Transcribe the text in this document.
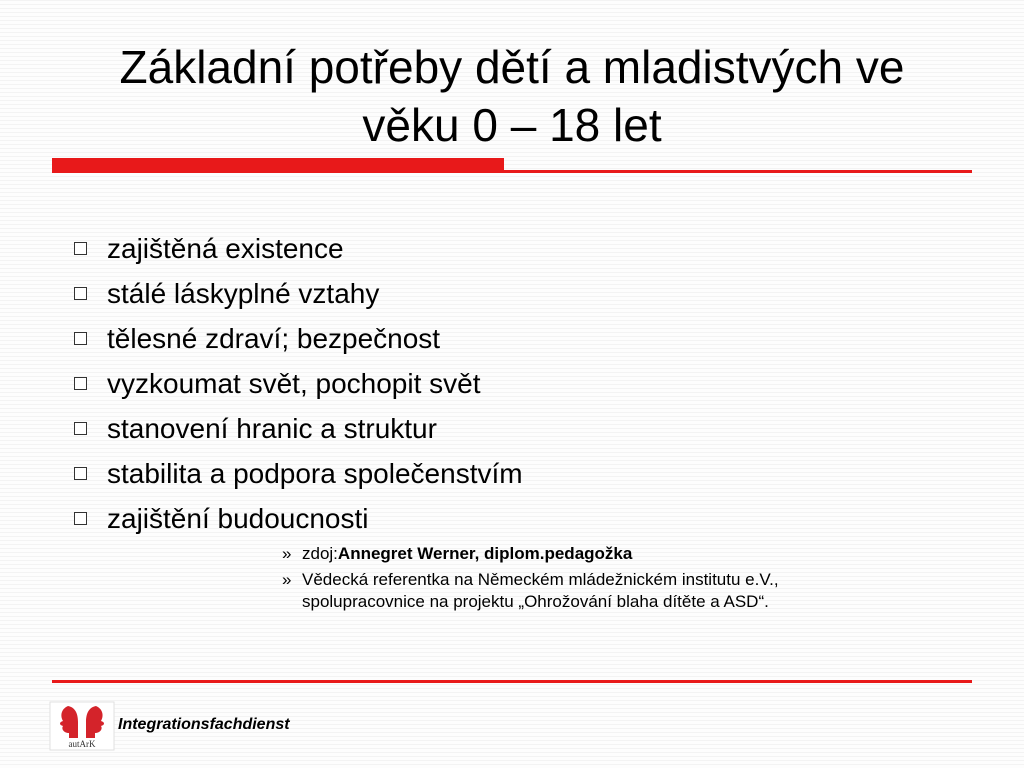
Základní potřeby dětí a mladistvých ve
věku 0 – 18 let
zajištěná existence
stálé láskyplné vztahy
tělesné zdraví; bezpečnost
vyzkoumat svět, pochopit svět
stanovení hranic a struktur
stabilita a podpora společenstvím
zajištění budoucnosti
» zdoj:Annegret Werner, diplom.pedagožka
» Vědecká referentka na Německém mládežnickém institutu e.V.,
spolupracovnice na projektu „Ohrožování blaha dítěte a ASD“.
autArK
Integrationsfachdienst
